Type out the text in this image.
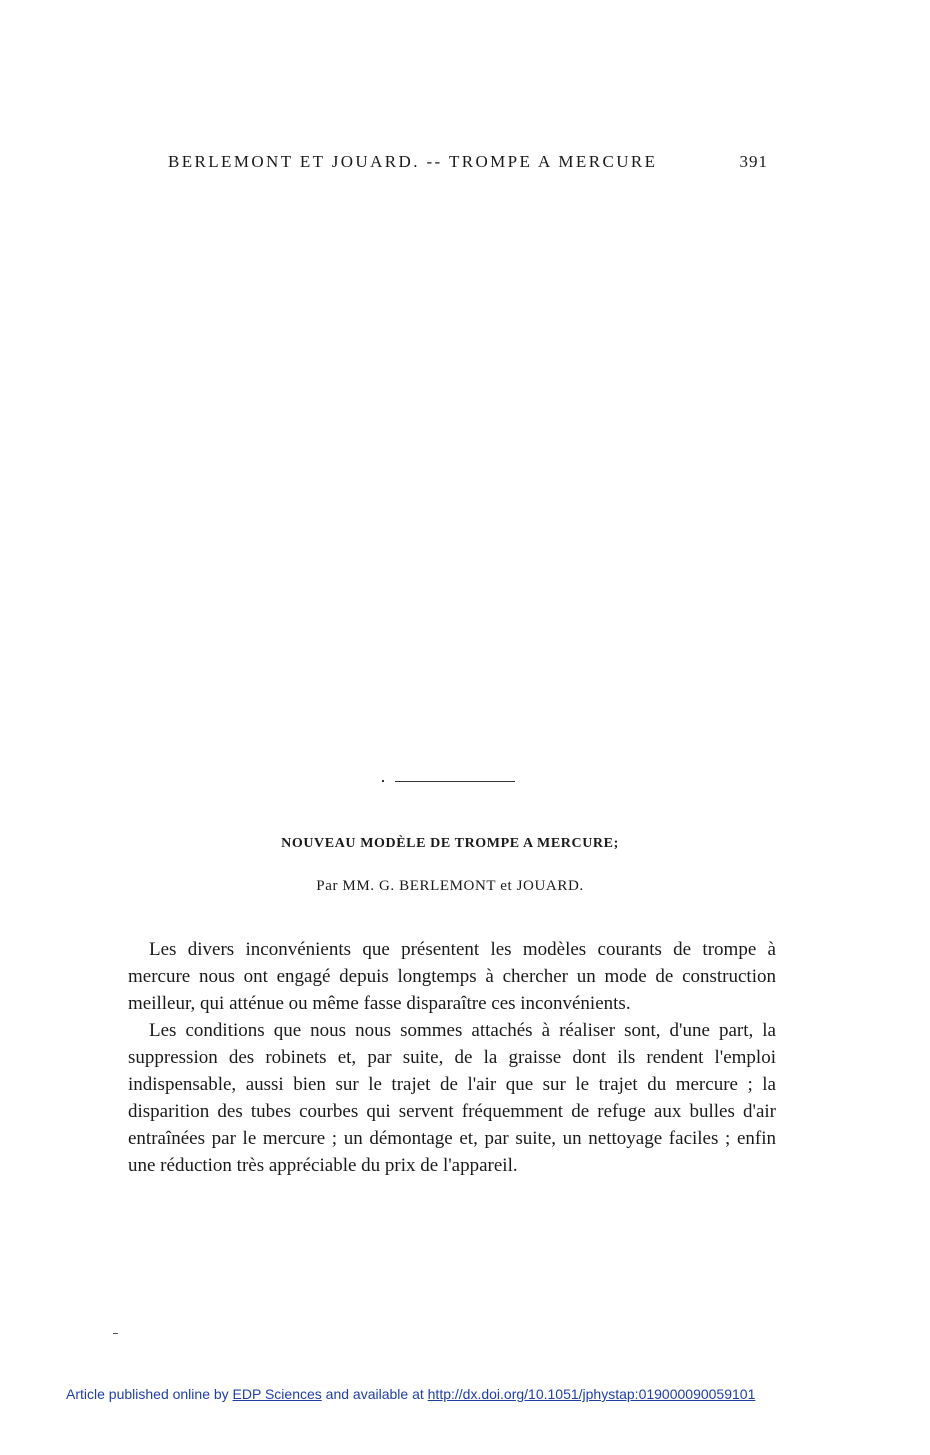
BERLEMONT ET JOUARD. -- TROMPE A MERCURE	391
NOUVEAU MODÈLE DE TROMPE A MERCURE;
Par MM. G. BERLEMONT et JOUARD.

Les divers inconvénients que présentent les modèles courants de trompe à mercure nous ont engagé depuis longtemps à chercher un mode de construction meilleur, qui atténue ou même fasse disparaître ces inconvénients.

Les conditions que nous nous sommes attachés à réaliser sont, d'une part, la suppression des robinets et, par suite, de la graisse dont ils rendent l'emploi indispensable, aussi bien sur le trajet de l'air que sur le trajet du mercure ; la disparition des tubes courbes qui servent fréquemment de refuge aux bulles d'air entraînées par le mercure ; un démontage et, par suite, un nettoyage faciles ; enfin une réduction très appréciable du prix de l'appareil.

Article published online by EDP Sciences and available at http://dx.doi.org/10.1051/jphystap:019000090059101
